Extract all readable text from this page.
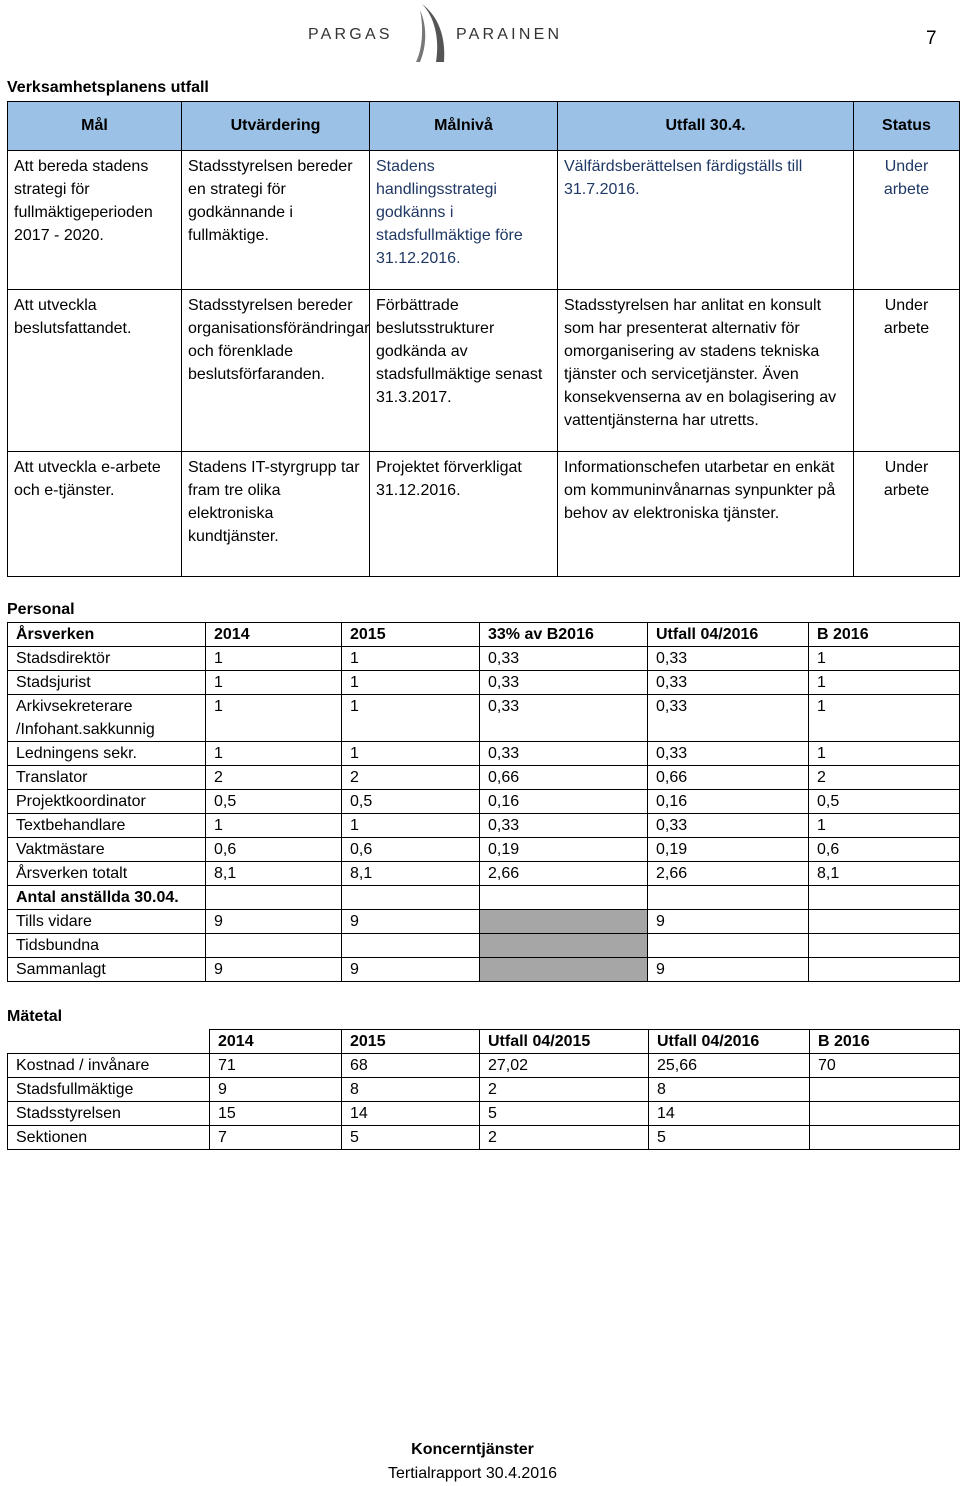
7
PARGAS	PARAINEN
Verksamhetsplanens utfall
Mål	Utvärdering	Målnivå	Utfall 30.4.	Status
Att bereda stadens strategi för fullmäktigeperioden 2017 - 2020.	Stadsstyrelsen bereder en strategi för godkännande i fullmäktige.	Stadens handlingsstrategi godkänns i stadsfullmäktige före 31.12.2016.	Välfärdsberättelsen färdigställs till 31.7.2016.	Under arbete
Att utveckla beslutsfattandet.	Stadsstyrelsen bereder organisationsförändringar och förenklade beslutsförfaranden.	Förbättrade beslutsstrukturer godkända av stadsfullmäktige senast 31.3.2017.	Stadsstyrelsen har anlitat en konsult som har presenterat alternativ för omorganisering av stadens tekniska tjänster och servicetjänster. Även konsekvenserna av en bolagisering av vattentjänsterna har utretts.	Under arbete
Att utveckla e-arbete och e-tjänster.	Stadens IT-styrgrupp tar fram tre olika elektroniska kundtjänster.	Projektet förverkligat 31.12.2016.	Informationschefen utarbetar en enkät om kommuninvånarnas synpunkter på behov av elektroniska tjänster.	Under arbete
Personal
Årsverken	2014	2015	33% av B2016	Utfall 04/2016	B 2016
Stadsdirektör	1	1	0,33	0,33	1
Stadsjurist	1	1	0,33	0,33	1
Arkivsekreterare /Infohant.sakkunnig	1	1	0,33	0,33	1
Ledningens sekr.	1	1	0,33	0,33	1
Translator	2	2	0,66	0,66	2
Projektkoordinator	0,5	0,5	0,16	0,16	0,5
Textbehandlare	1	1	0,33	0,33	1
Vaktmästare	0,6	0,6	0,19	0,19	0,6
Årsverken totalt	8,1	8,1	2,66	2,66	8,1
Antal anställda 30.04.					
Tills vidare	9	9		9	
Tidsbundna					
Sammanlagt	9	9		9	
Mätetal
	2014	2015	Utfall 04/2015	Utfall 04/2016	B 2016
Kostnad / invånare	71	68	27,02	25,66	70
Stadsfullmäktige	9	8	2	8	
Stadsstyrelsen	15	14	5	14	
Sektionen	7	5	2	5	
Koncerntjänster
Tertialrapport 30.4.2016
